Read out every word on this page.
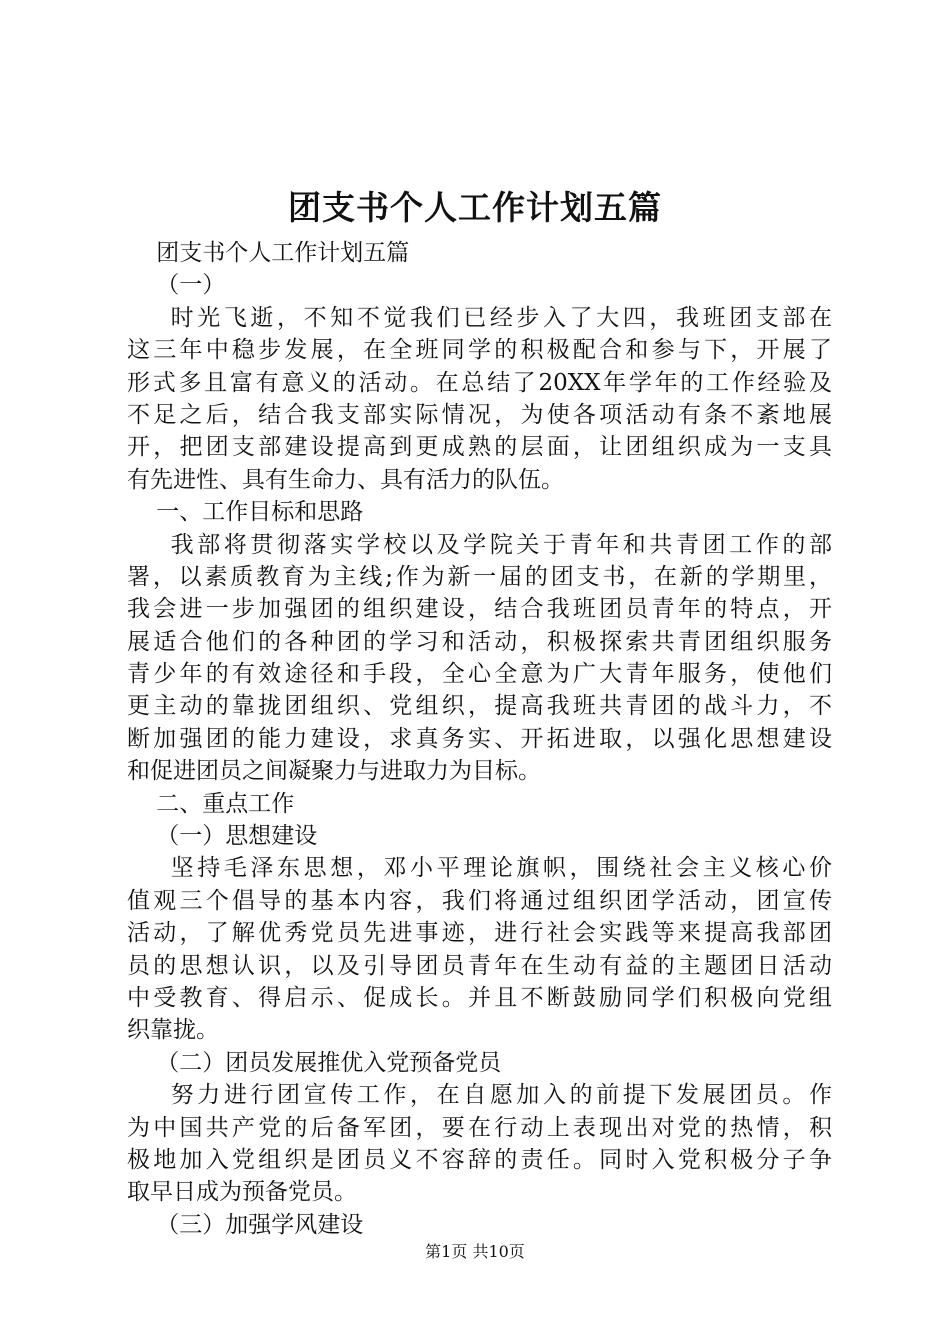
团支书个人工作计划五篇
团支书个人工作计划五篇
（一）
时光飞逝，不知不觉我们已经步入了大四，我班团支部在
这三年中稳步发展，在全班同学的积极配合和参与下，开展了
形式多且富有意义的活动。在总结了20XX年学年的工作经验及
不足之后，结合我支部实际情况，为使各项活动有条不紊地展
开，把团支部建设提高到更成熟的层面，让团组织成为一支具
有先进性、具有生命力、具有活力的队伍。
一、工作目标和思路
我部将贯彻落实学校以及学院关于青年和共青团工作的部
署，以素质教育为主线;作为新一届的团支书，在新的学期里，
我会进一步加强团的组织建设，结合我班团员青年的特点，开
展适合他们的各种团的学习和活动，积极探索共青团组织服务
青少年的有效途径和手段，全心全意为广大青年服务，使他们
更主动的靠拢团组织、党组织，提高我班共青团的战斗力，不
断加强团的能力建设，求真务实、开拓进取，以强化思想建设
和促进团员之间凝聚力与进取力为目标。
二、重点工作
（一）思想建设
坚持毛泽东思想，邓小平理论旗帜，围绕社会主义核心价
值观三个倡导的基本内容，我们将通过组织团学活动，团宣传
活动，了解优秀党员先进事迹，进行社会实践等来提高我部团
员的思想认识，以及引导团员青年在生动有益的主题团日活动
中受教育、得启示、促成长。并且不断鼓励同学们积极向党组
织靠拢。
（二）团员发展推优入党预备党员
努力进行团宣传工作，在自愿加入的前提下发展团员。作
为中国共产党的后备军团，要在行动上表现出对党的热情，积
极地加入党组织是团员义不容辞的责任。同时入党积极分子争
取早日成为预备党员。
（三）加强学风建设
第1页 共10页
